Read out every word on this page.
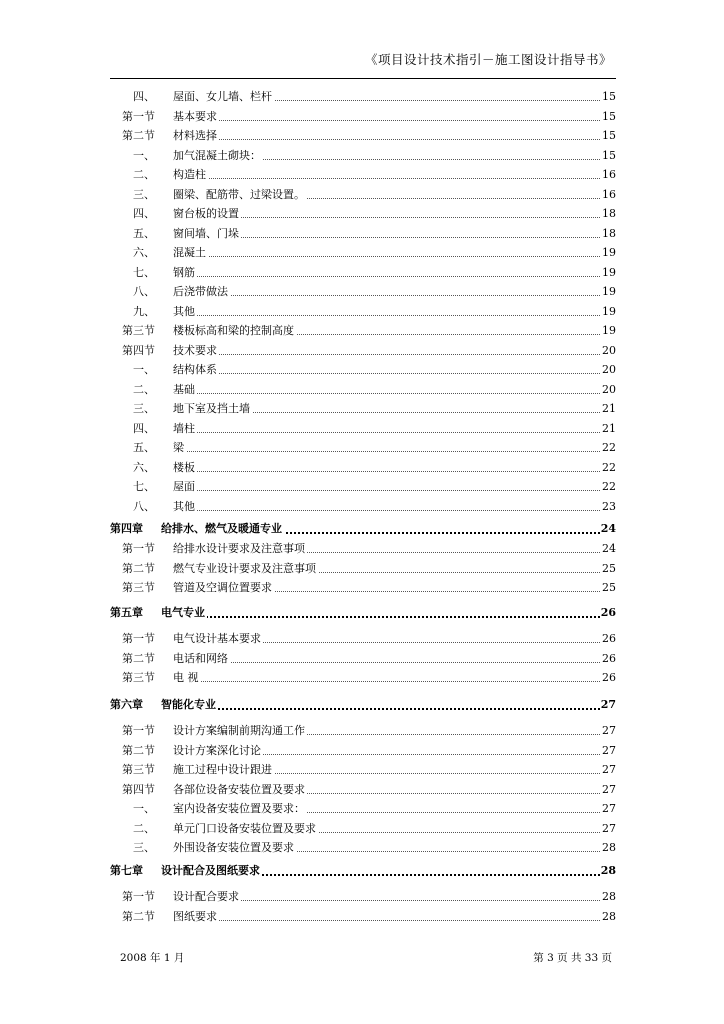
《项目设计技术指引－施工图设计指导书》
四、 屋面、女儿墙、栏杆	15
第一节 基本要求	15
第二节 材料选择	15
一、 加气混凝土砌块：	15
二、 构造柱	16
三、 圈梁、配筋带、过梁设置。	16
四、 窗台板的设置	18
五、 窗间墙、门垛	18
六、 混凝土	19
七、 钢筋	19
八、 后浇带做法	19
九、 其他	19
第三节 楼板标高和梁的控制高度	19
第四节 技术要求	20
一、 结构体系	20
二、 基础	20
三、 地下室及挡土墙	21
四、 墙柱	21
五、 梁	22
六、 楼板	22
七、 屋面	22
八、 其他	23
第四章 给排水、燃气及暖通专业	24
第一节 给排水设计要求及注意事项	24
第二节 燃气专业设计要求及注意事项	25
第三节 管道及空调位置要求	25
第五章 电气专业	26
第一节 电气设计基本要求	26
第二节 电话和网络	26
第三节 电 视	26
第六章 智能化专业	27
第一节 设计方案编制前期沟通工作	27
第二节 设计方案深化讨论	27
第三节 施工过程中设计跟进	27
第四节 各部位设备安装位置及要求	27
一、 室内设备安装位置及要求：	27
二、 单元门口设备安装位置及要求	27
三、 外围设备安装位置及要求	28
第七章 设计配合及图纸要求	28
第一节 设计配合要求	28
第二节 图纸要求	28
2008 年 1 月	第 3 页 共 33 页
